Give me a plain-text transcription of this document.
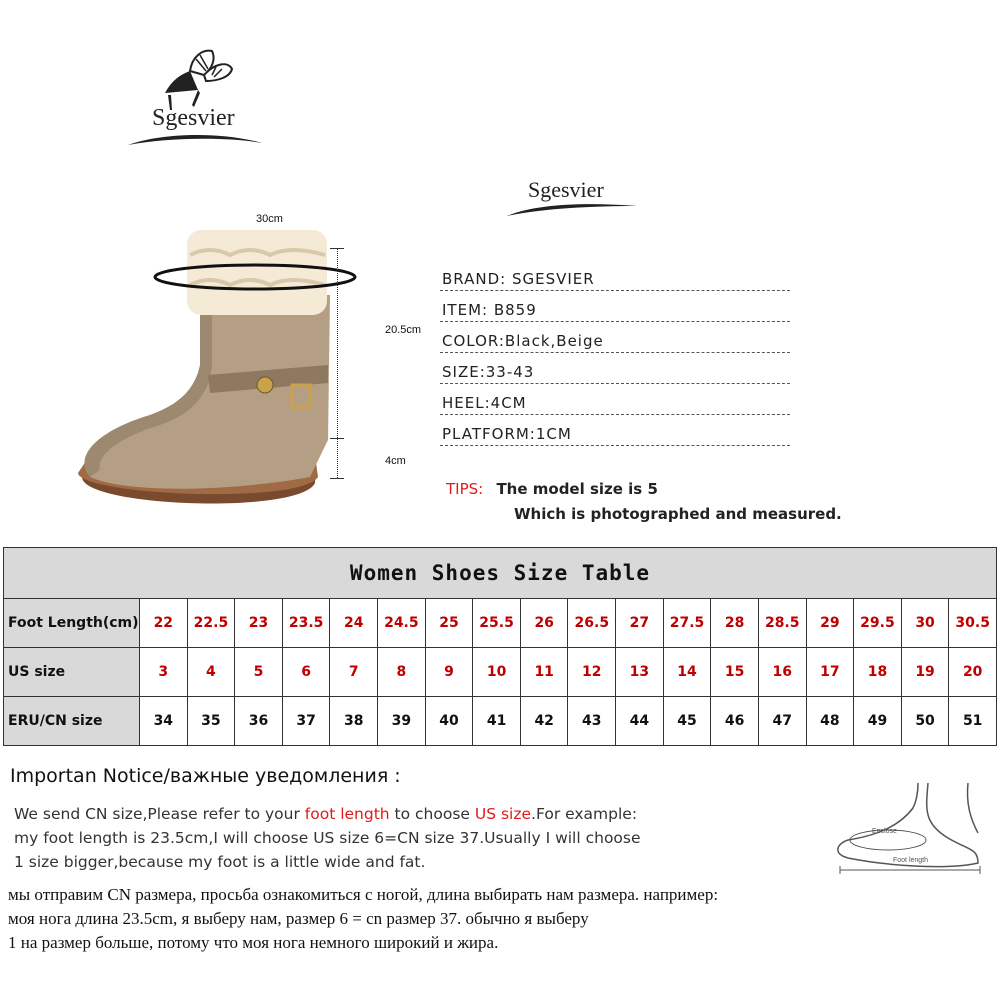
Sgesvier
Sgesvier
30cm
20.5cm
4cm
BRAND: SGESVIER
ITEM: B859
COLOR:Black,Beige
SIZE:33-43
HEEL:4CM
PLATFORM:1CM
TIPS: The model size is 5
Which is photographed and measured.
Women Shoes Size Table																		
Foot Length(cm)	22	22.5	23	23.5	24	24.5	25	25.5	26	26.5	27	27.5	28	28.5	29	29.5	30	30.5
US size	3	4	5	6	7	8	9	10	11	12	13	14	15	16	17	18	19	20
ERU/CN size	34	35	36	37	38	39	40	41	42	43	44	45	46	47	48	49	50	51
Importan Notice/важные уведомления :
We send CN size,Please refer to your foot length to choose US size.For example:
my foot length is 23.5cm,I will choose US size 6=CN size 37.Usually I will choose
1 size bigger,because my foot is a little wide and fat.
Enclose
Foot length
мы отправим CN размера, просьба ознакомиться с ногой, длина выбирать нам размера. например:
моя нога длина 23.5cm, я выберу нам, размер 6 = cn размер 37. обычно я выберу
1 на размер больше, потому что моя нога немного широкий и жира.
